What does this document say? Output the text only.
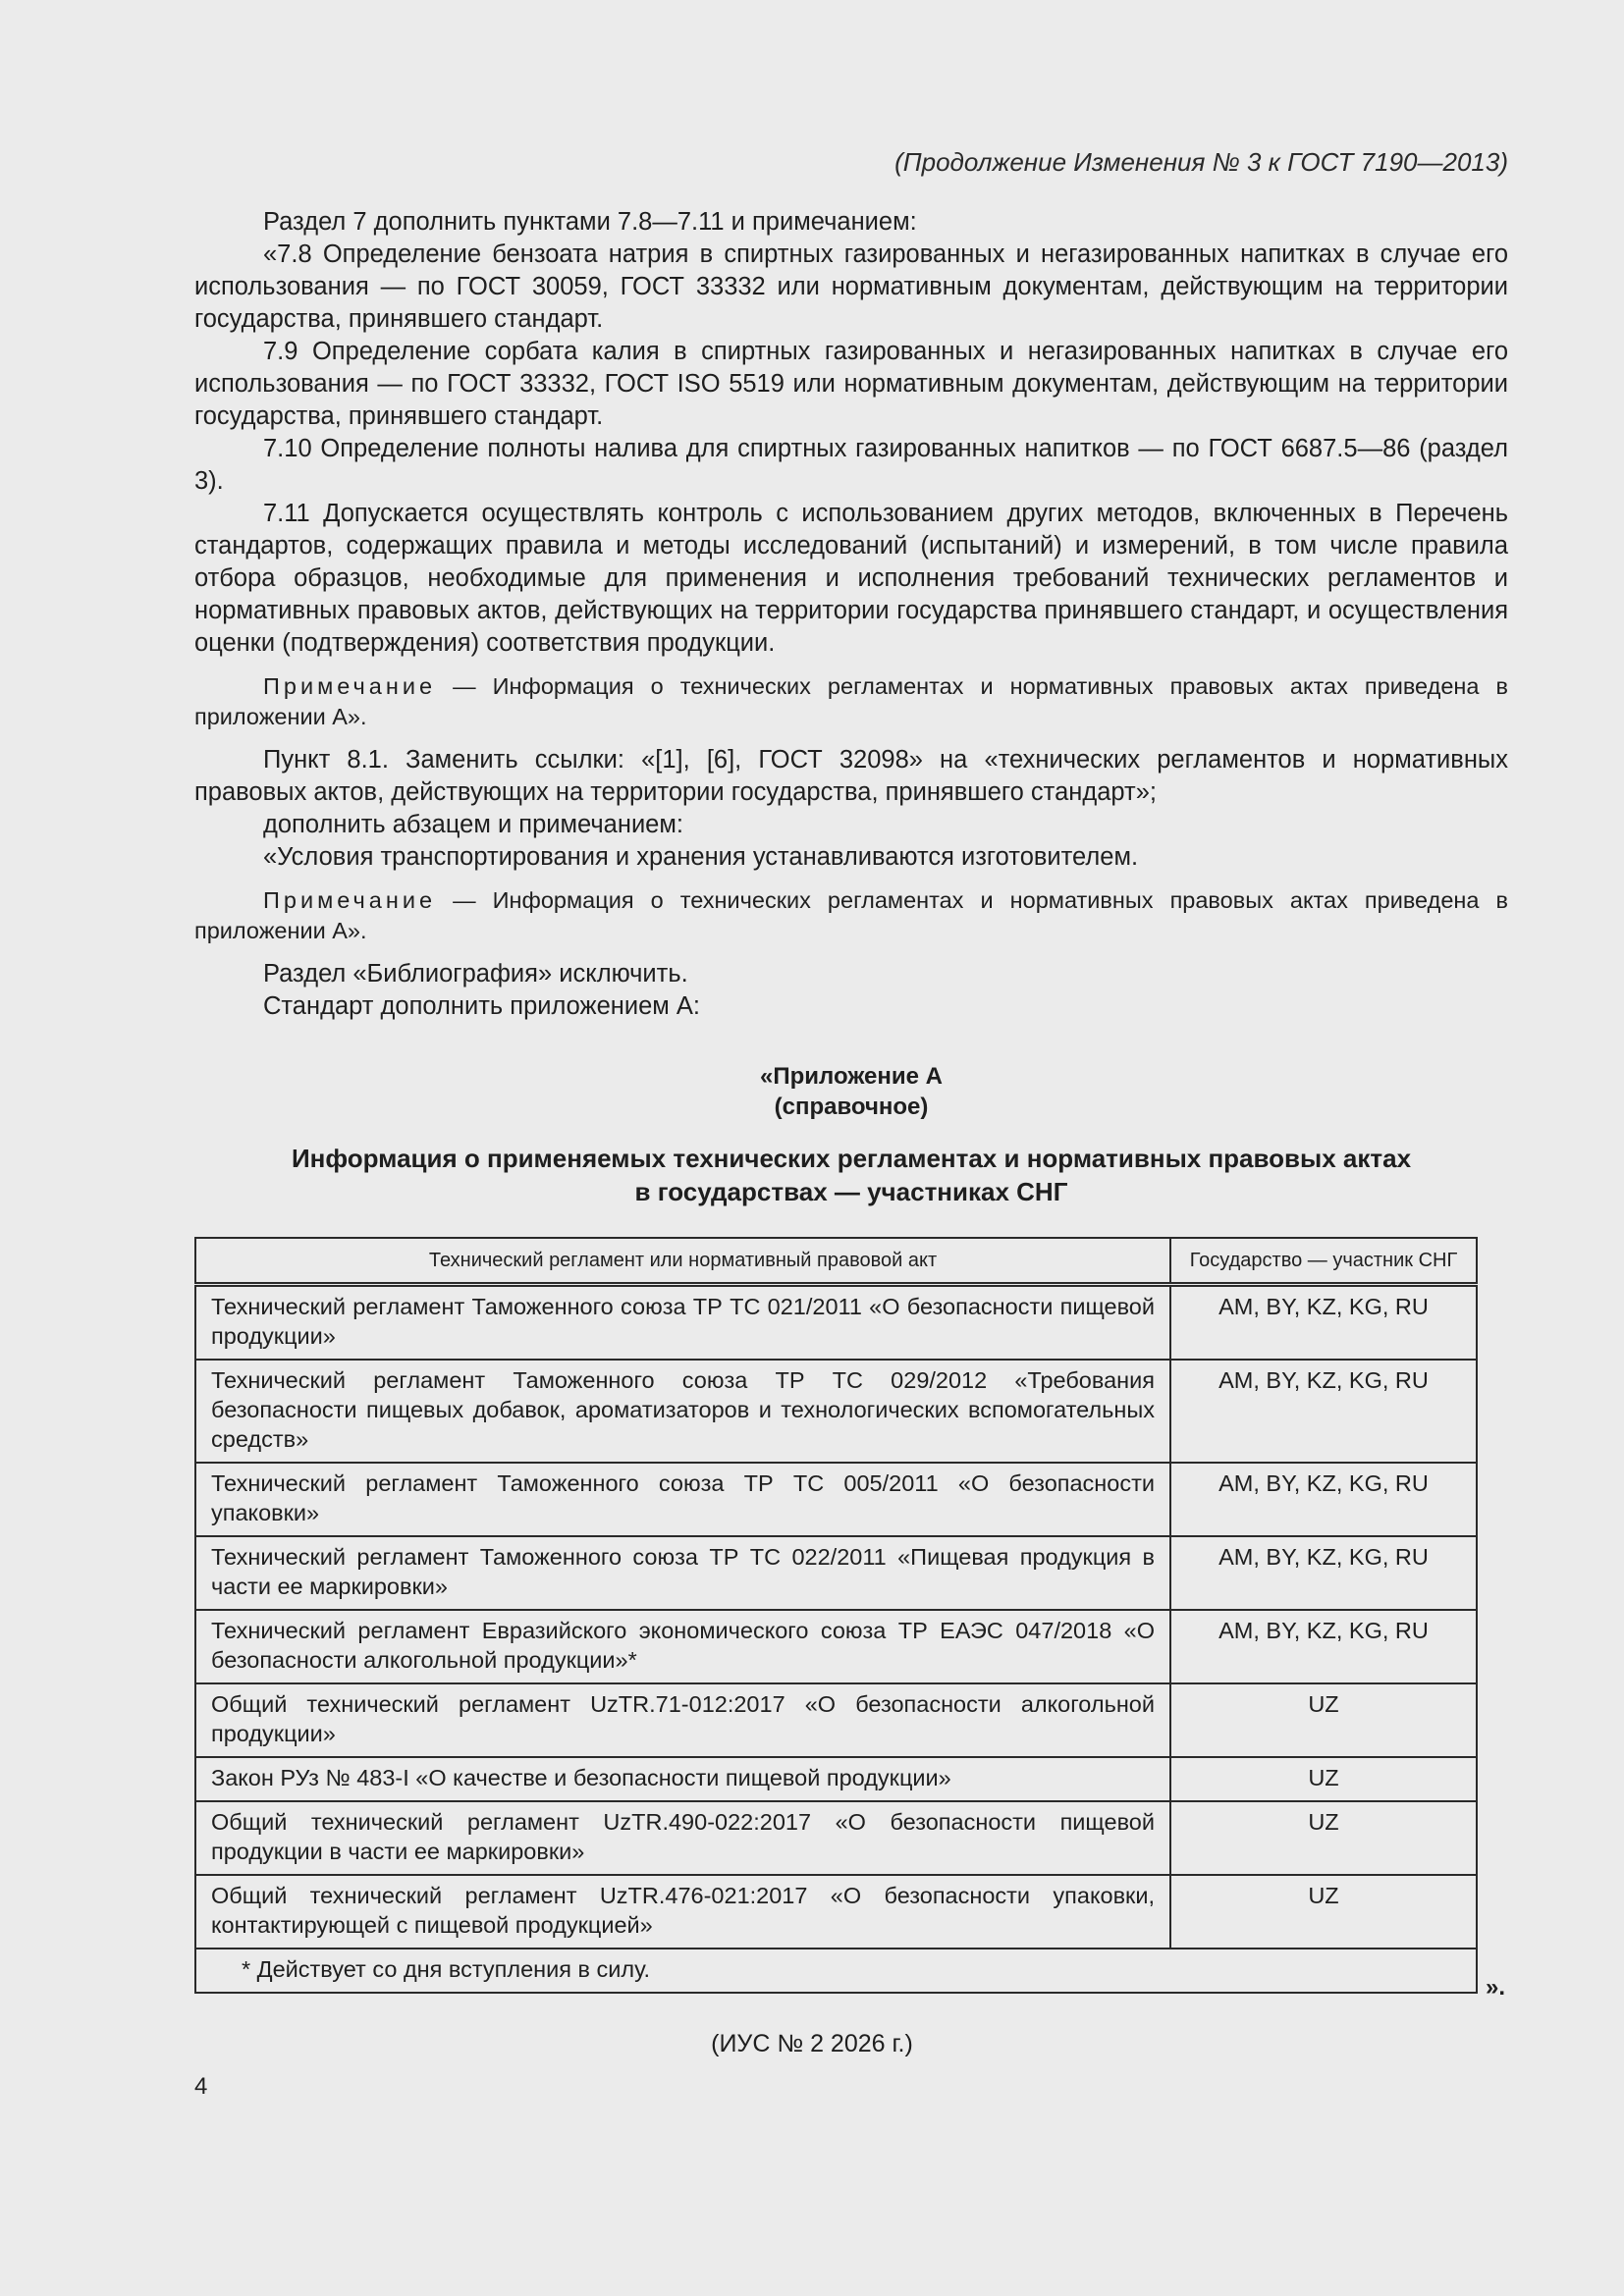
(Продолжение Изменения № 3 к ГОСТ 7190—2013)

Раздел 7 дополнить пунктами 7.8—7.11 и примечанием:

«7.8 Определение бензоата натрия в спиртных газированных и негазированных напитках в случае его использования — по ГОСТ 30059, ГОСТ 33332 или нормативным документам, действующим на территории государства, принявшего стандарт.

7.9 Определение сорбата калия в спиртных газированных и негазированных напитках в случае его использования — по ГОСТ 33332, ГОСТ ISO 5519 или нормативным документам, действующим на территории государства, принявшего стандарт.

7.10 Определение полноты налива для спиртных газированных напитков — по ГОСТ 6687.5—86 (раздел 3).

7.11 Допускается осуществлять контроль с использованием других методов, включенных в Перечень стандартов, содержащих правила и методы исследований (испытаний) и измерений, в том числе правила отбора образцов, необходимые для применения и исполнения требований технических регламентов и нормативных правовых актов, действующих на территории государства принявшего стандарт, и осуществления оценки (подтверждения) соответствия продукции.

Примечание — Информация о технических регламентах и нормативных правовых актах приведена в приложении А».

Пункт 8.1. Заменить ссылки: «[1], [6], ГОСТ 32098» на «технических регламентов и нормативных правовых актов, действующих на территории государства, принявшего стандарт»;

дополнить абзацем и примечанием:

«Условия транспортирования и хранения устанавливаются изготовителем.

Примечание — Информация о технических регламентах и нормативных правовых актах приведена в приложении А».

Раздел «Библиография» исключить.

Стандарт дополнить приложением А:

«Приложение А
(справочное)
Информация о применяемых технических регламентах и нормативных правовых актах
в государствах — участниках СНГ
Технический регламент или нормативный правовой акт	Государство — участник СНГ
Технический регламент Таможенного союза ТР ТС 021/2011 «О безопасности пищевой продукции»	AM, BY, KZ, KG, RU
Технический регламент Таможенного союза ТР ТС 029/2012 «Требования безопасности пищевых добавок, ароматизаторов и технологических вспомогательных средств»	AM, BY, KZ, KG, RU
Технический регламент Таможенного союза ТР ТС 005/2011 «О безопасности упаковки»	AM, BY, KZ, KG, RU
Технический регламент Таможенного союза ТР ТС 022/2011 «Пищевая продукция в части ее маркировки»	AM, BY, KZ, KG, RU
Технический регламент Евразийского экономического союза ТР ЕАЭС 047/2018 «О безопасности алкогольной продукции»*	AM, BY, KZ, KG, RU
Общий технический регламент UzTR.71-012:2017 «О безопасности алкогольной продукции»	UZ
Закон РУз № 483-I «О качестве и безопасности пищевой продукции»	UZ
Общий технический регламент UzTR.490-022:2017 «О безопасности пищевой продукции в части ее маркировки»	UZ
Общий технический регламент UzTR.476-021:2017 «О безопасности упаковки, контактирующей с пищевой продукцией»	UZ
* Действует со дня вступления в силу.	
».
(ИУС № 2 2026 г.)
4
